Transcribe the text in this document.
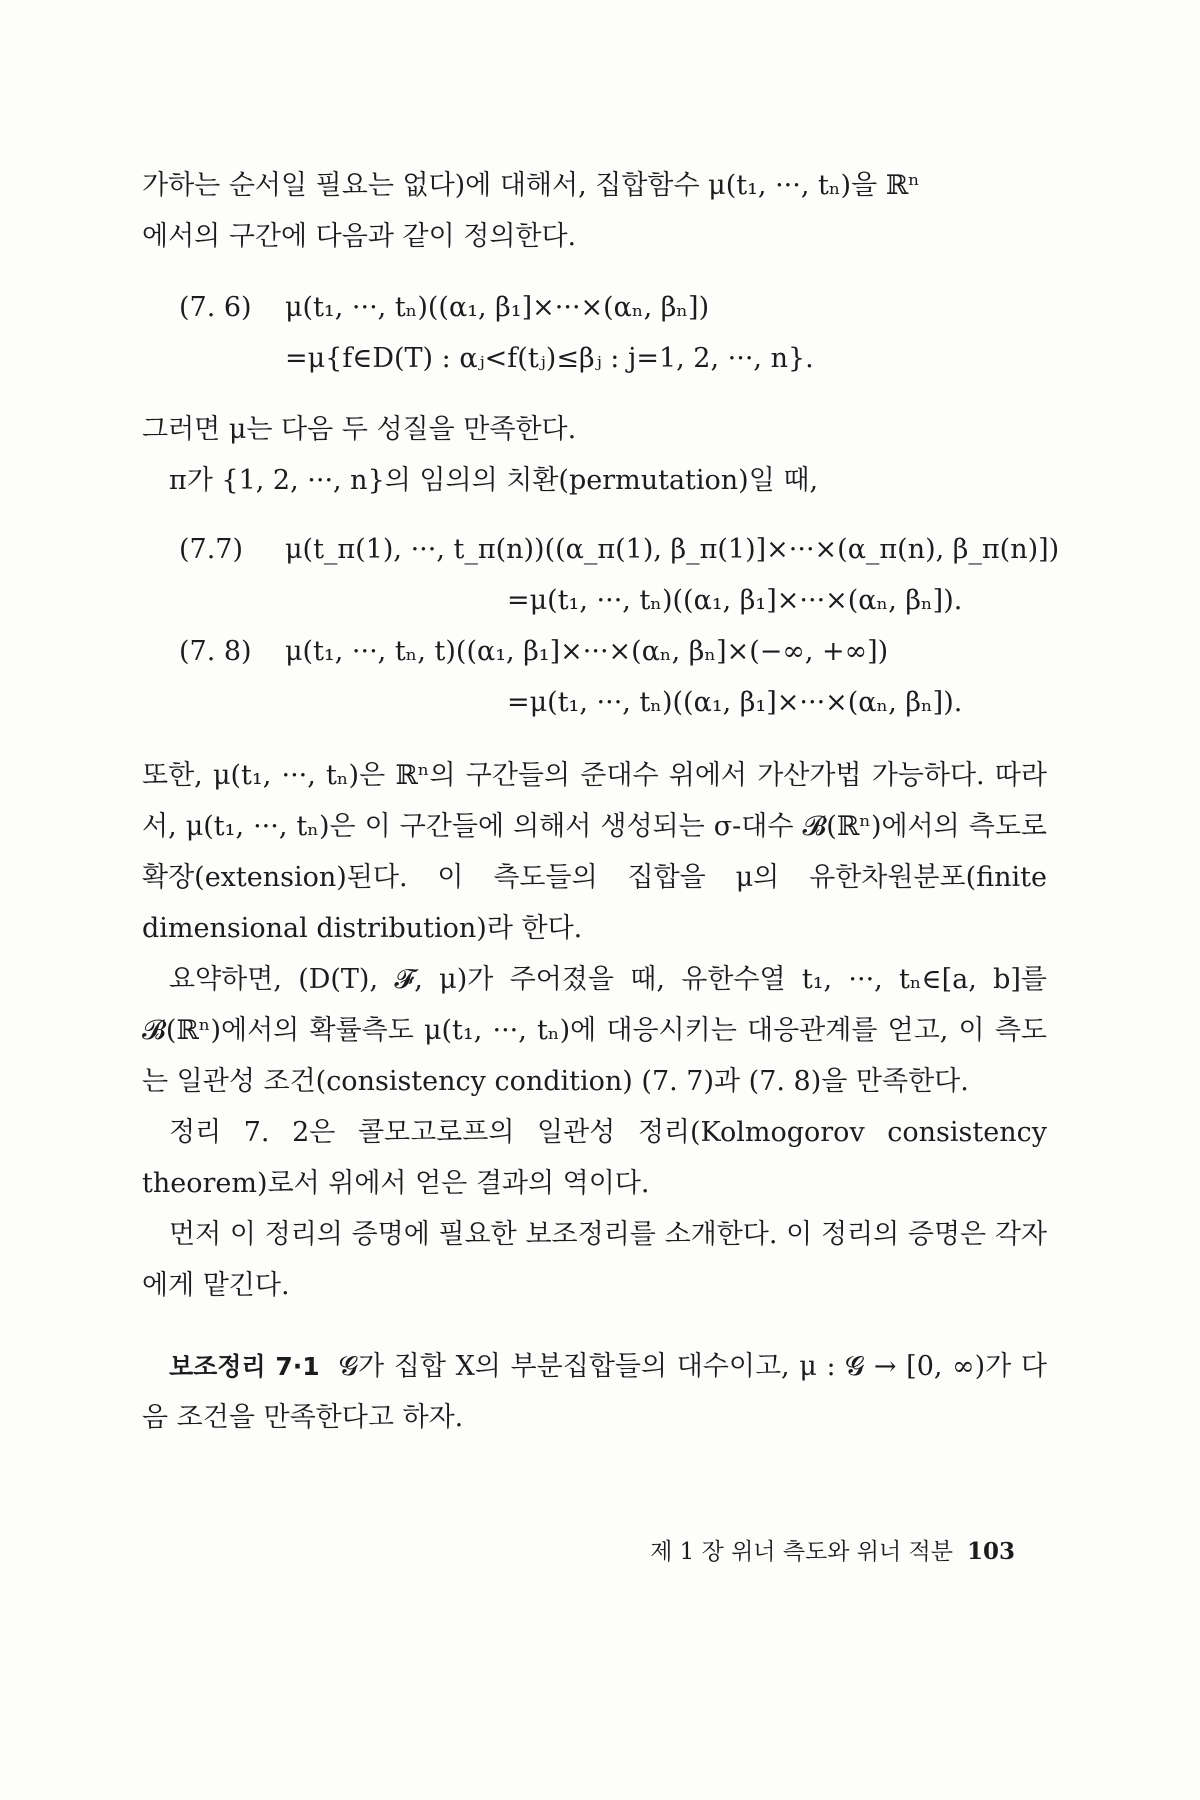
가하는 순서일 필요는 없다)에 대해서, 집합함수 μ(t₁, ···, tₙ)을 ℝⁿ
에서의 구간에 다음과 같이 정의한다.
(7. 6) μ(t₁, ···, tₙ)((α₁, β₁]×···×(αₙ, βₙ])
=μ{f∈D(T) : αⱼ<f(tⱼ)≤βⱼ : j=1, 2, ···, n}.
그러면 μ는 다음 두 성질을 만족한다.
π가 {1, 2, ···, n}의 임의의 치환(permutation)일 때,
(7.7) μ(t_π(1), ···, t_π(n))((α_π(1), β_π(1)]×···×(α_π(n), β_π(n)])
=μ(t₁, ···, tₙ)((α₁, β₁]×···×(αₙ, βₙ]).
(7. 8) μ(t₁, ···, tₙ, t)((α₁, β₁]×···×(αₙ, βₙ]×(−∞, +∞])
=μ(t₁, ···, tₙ)((α₁, β₁]×···×(αₙ, βₙ]).

또한, μ(t₁, ···, tₙ)은 ℝⁿ의 구간들의 준대수 위에서 가산가법 가능하다. 따라서, μ(t₁, ···, tₙ)은 이 구간들에 의해서 생성되는 σ-대수 𝓑(ℝⁿ)에서의 측도로 확장(extension)된다. 이 측도들의 집합을 μ의 유한차원분포(finite dimensional distribution)라 한다.

요약하면, (D(T), 𝓕, μ)가 주어졌을 때, 유한수열 t₁, ···, tₙ∈[a, b]를 𝓑(ℝⁿ)에서의 확률측도 μ(t₁, ···, tₙ)에 대응시키는 대응관계를 얻고, 이 측도는 일관성 조건(consistency condition) (7. 7)과 (7. 8)을 만족한다.

정리 7. 2은 콜모고로프의 일관성 정리(Kolmogorov consistency theorem)로서 위에서 얻은 결과의 역이다.

먼저 이 정리의 증명에 필요한 보조정리를 소개한다. 이 정리의 증명은 각자에게 맡긴다.

보조정리 7·1 𝓖가 집합 X의 부분집합들의 대수이고, μ : 𝓖 → [0, ∞)가 다음 조건을 만족한다고 하자.

제 1 장 위너 측도와 위너 적분 103
